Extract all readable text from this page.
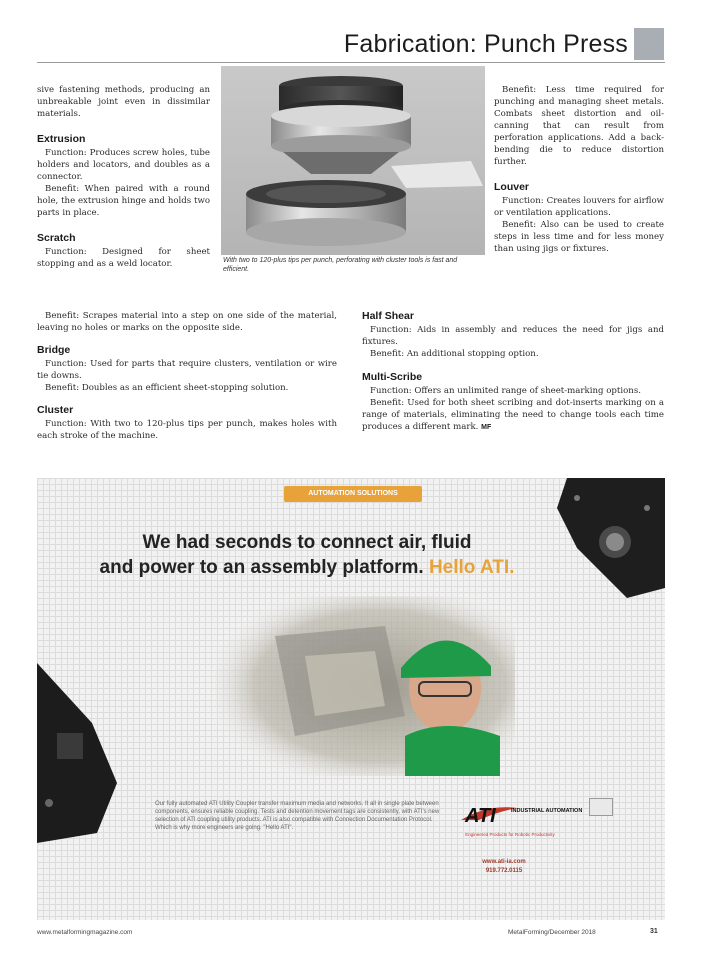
Fabrication: Punch Press

sive fastening methods, producing an unbreakable joint even in dissimilar materials.

Extrusion

Function: Produces screw holes, tube holders and locators, and doubles as a connector.

Benefit: When paired with a round hole, the extrusion hinge and holds two parts in place.

Scratch

Function: Designed for sheet stopping and as a weld locator.

Benefit: Scrapes material into a step on one side of the material, leaving no holes or marks on the opposite side.

Bridge

Function: Used for parts that require clusters, ventilation or wire tie downs.

Benefit: Doubles as an efficient sheet-stopping solution.

Cluster

Function: With two to 120-plus tips per punch, makes holes with each stroke of the machine.

With two to 120-plus tips per punch, perforating with cluster tools is fast and efficient.

Benefit: Less time required for punching and managing sheet metals. Combats sheet distortion and oil-canning that can result from perforation applications. Add a back-bending die to reduce distortion further.

Louver

Function: Creates louvers for airflow or ventilation applications.

Benefit: Also can be used to create steps in less time and for less money than using jigs or fixtures.

Half Shear

Function: Aids in assembly and reduces the need for jigs and fixtures.

Benefit: An additional stopping option.

Multi-Scribe

Function: Offers an unlimited range of sheet-marking options.

Benefit: Used for both sheet scribing and dot-inserts marking on a range of materials, eliminating the need to change tools each time produces a different mark. MF

AUTOMATION SOLUTIONS
We had seconds to connect air, fluid
and power to an assembly platform. Hello ATI.
Our fully automated ATI Utility Coupler transfer maximum media and networks. It all in single plate between components, ensures reliable coupling. Tests and detention movement tags are consistently, with ATI's new selection of ATI coupling utility products. ATI is also compatible with Connection Documentation Protocol. Which is why more engineers are going. "Hello ATI".
ATI	INDUSTRIAL AUTOMATION
Engineered Products for Robotic Productivity
www.ati-ia.com
919.772.0115
www.metalformingmagazine.com	MetalForming/December 2018	31
